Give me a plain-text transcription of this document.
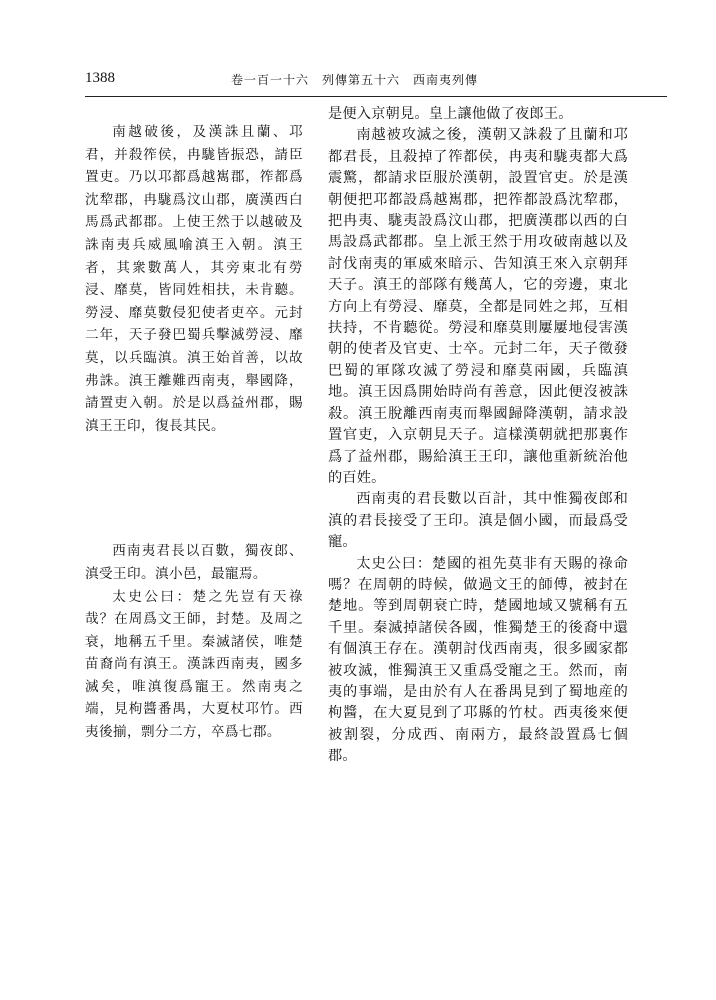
1388	卷一百一十六　列傳第五十六　西南夷列傳

南越破後，及漢誅且蘭、邛君，并殺筰侯，冉駹皆振恐，請臣置吏。乃以邛都爲越嶲郡，筰都爲沈犂郡，冉駹爲汶山郡，廣漢西白馬爲武都郡。上使王然于以越破及誅南夷兵威風喻滇王入朝。滇王者，其衆數萬人，其旁東北有勞浸、靡莫，皆同姓相扶，未肯聽。勞浸、靡莫數侵犯使者吏卒。元封二年，天子發巴蜀兵擊滅勞浸、靡莫，以兵臨滇。滇王始首善，以故弗誅。滇王離難西南夷，舉國降，請置吏入朝。於是以爲益州郡，賜滇王王印，復長其民。

西南夷君長以百數，獨夜郎、滇受王印。滇小邑，最寵焉。

太史公曰：楚之先豈有天祿哉？在周爲文王師，封楚。及周之衰，地稱五千里。秦滅諸侯，唯楚苗裔尚有滇王。漢誅西南夷，國多滅矣，唯滇復爲寵王。然南夷之端，見枸醬番禺，大夏杖邛竹。西夷後揃，剽分二方，卒爲七郡。

是便入京朝見。皇上讓他做了夜郎王。

南越被攻滅之後，漢朝又誅殺了且蘭和邛都君長，且殺掉了筰都侯，冉夷和駹夷都大爲震驚，都請求臣服於漢朝，設置官吏。於是漢朝便把邛都設爲越嶲郡，把筰都設爲沈犂郡，把冉夷、駹夷設爲汶山郡，把廣漢郡以西的白馬設爲武都郡。皇上派王然于用攻破南越以及討伐南夷的軍威來暗示、告知滇王來入京朝拜天子。滇王的部隊有幾萬人，它的旁邊，東北方向上有勞浸、靡莫，全都是同姓之邦，互相扶持，不肯聽從。勞浸和靡莫則屢屢地侵害漢朝的使者及官吏、士卒。元封二年，天子徵發巴蜀的軍隊攻滅了勞浸和靡莫兩國，兵臨滇地。滇王因爲開始時尚有善意，因此便沒被誅殺。滇王脫離西南夷而舉國歸降漢朝，請求設置官吏，入京朝見天子。這樣漢朝就把那裏作爲了益州郡，賜給滇王王印，讓他重新統治他的百姓。

西南夷的君長數以百計，其中惟獨夜郎和滇的君長接受了王印。滇是個小國，而最爲受寵。

太史公曰：楚國的祖先莫非有天賜的祿命嗎？在周朝的時候，做過文王的師傅，被封在楚地。等到周朝衰亡時，楚國地域又號稱有五千里。秦滅掉諸侯各國，惟獨楚王的後裔中還有個滇王存在。漢朝討伐西南夷，很多國家都被攻滅，惟獨滇王又重爲受寵之王。然而，南夷的事端，是由於有人在番禺見到了蜀地産的枸醬，在大夏見到了邛縣的竹杖。西夷後來便被割裂，分成西、南兩方，最終設置爲七個郡。
